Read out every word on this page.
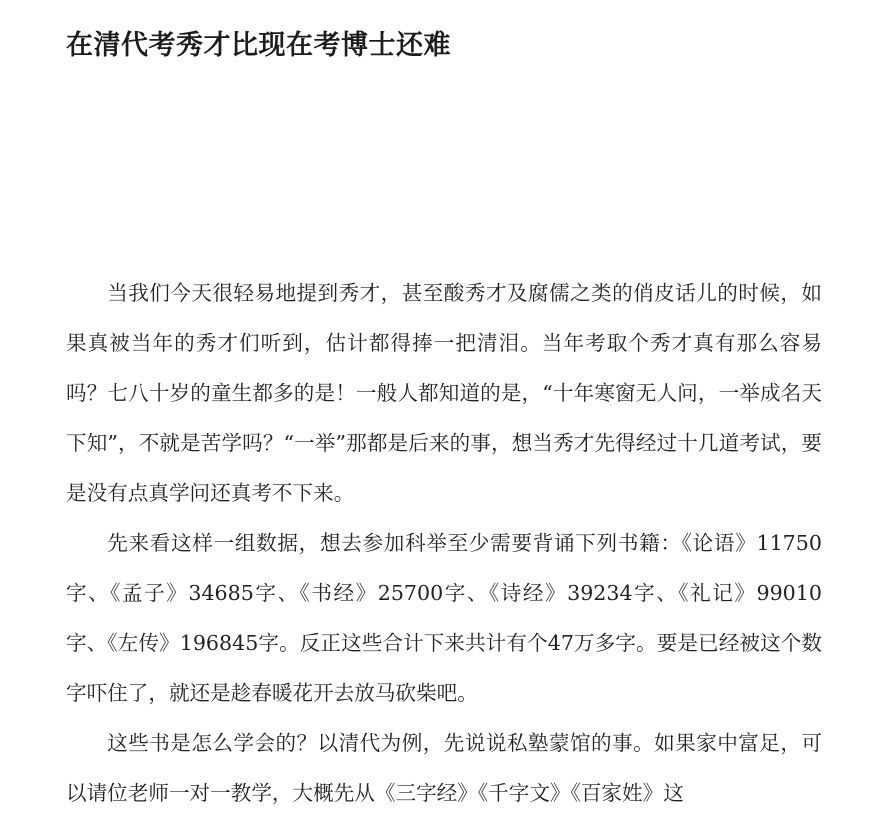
在清代考秀才比现在考博士还难

当我们今天很轻易地提到秀才，甚至酸秀才及腐儒之类的俏皮话儿的时候，如果真被当年的秀才们听到，估计都得捧一把清泪。当年考取个秀才真有那么容易吗？七八十岁的童生都多的是！一般人都知道的是，“十年寒窗无人问，一举成名天下知”，不就是苦学吗？“一举”那都是后来的事，想当秀才先得经过十几道考试，要是没有点真学问还真考不下来。

先来看这样一组数据，想去参加科举至少需要背诵下列书籍：《论语》11750字、《孟子》34685字、《书经》25700字、《诗经》39234字、《礼记》99010字、《左传》196845字。反正这些合计下来共计有个47万多字。要是已经被这个数字吓住了，就还是趁春暖花开去放马砍柴吧。

这些书是怎么学会的？以清代为例，先说说私塾蒙馆的事。如果家中富足，可以请位老师一对一教学，大概先从《三字经》《千字文》《百家姓》这
